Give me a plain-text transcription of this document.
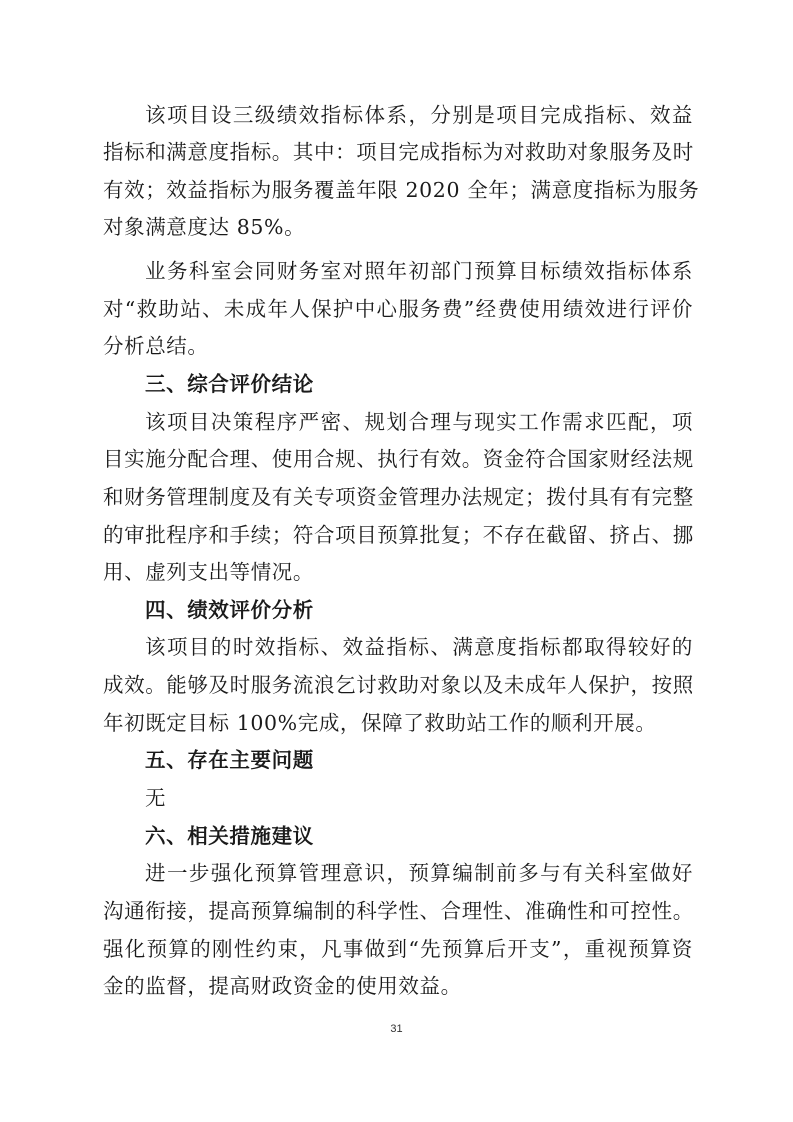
该项目设三级绩效指标体系，分别是项目完成指标、效益
指标和满意度指标。其中：项目完成指标为对救助对象服务及时
有效；效益指标为服务覆盖年限 2020 全年；满意度指标为服务
对象满意度达 85%。
业务科室会同财务室对照年初部门预算目标绩效指标体系
对“救助站、未成年人保护中心服务费”经费使用绩效进行评价
分析总结。
三、综合评价结论
该项目决策程序严密、规划合理与现实工作需求匹配，项
目实施分配合理、使用合规、执行有效。资金符合国家财经法规
和财务管理制度及有关专项资金管理办法规定；拨付具有有完整
的审批程序和手续；符合项目预算批复；不存在截留、挤占、挪
用、虚列支出等情况。
四、绩效评价分析
该项目的时效指标、效益指标、满意度指标都取得较好的
成效。能够及时服务流浪乞讨救助对象以及未成年人保护，按照
年初既定目标 100%完成，保障了救助站工作的顺利开展。
五、存在主要问题
无
六、相关措施建议
进一步强化预算管理意识，预算编制前多与有关科室做好
沟通衔接，提高预算编制的科学性、合理性、准确性和可控性。
强化预算的刚性约束，凡事做到“先预算后开支”，重视预算资
金的监督，提高财政资金的使用效益。
31
